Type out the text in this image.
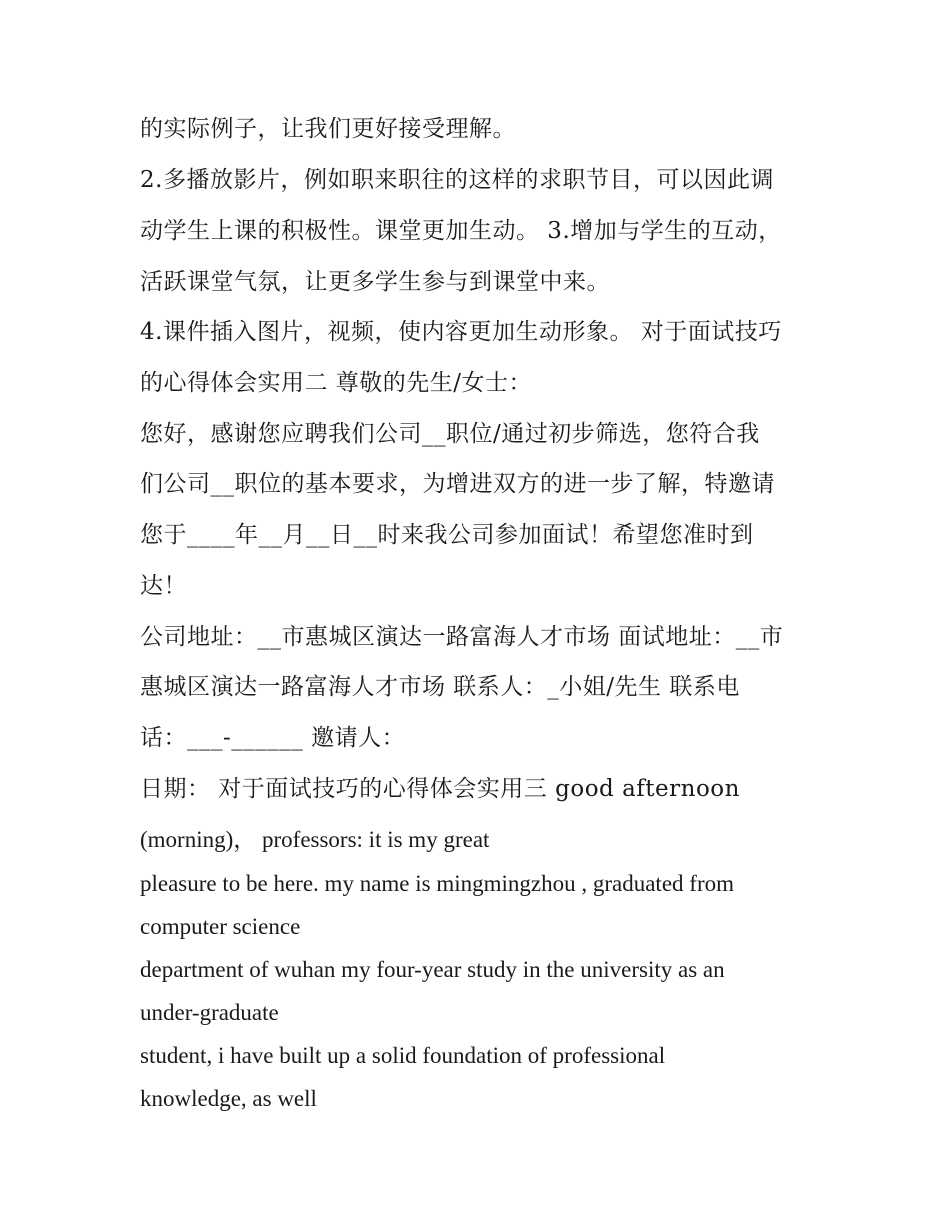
的实际例子，让我们更好接受理解。
2.多播放影片，例如职来职往的这样的求职节目，可以因此调
动学生上课的积极性。课堂更加生动。 3.增加与学生的互动，
活跃课堂气氛，让更多学生参与到课堂中来。
4.课件插入图片，视频，使内容更加生动形象。 对于面试技巧
的心得体会实用二 尊敬的先生/女士：
您好，感谢您应聘我们公司__职位/通过初步筛选，您符合我
们公司__职位的基本要求，为增进双方的进一步了解，特邀请
您于____年__月__日__时来我公司参加面试！希望您准时到
达！
公司地址：__市惠城区演达一路富海人才市场 面试地址：__市
惠城区演达一路富海人才市场 联系人：_小姐/先生 联系电
话：___-______ 邀请人：
日期： 对于面试技巧的心得体会实用三 good afternoon
(morning)， professors: it is my great
pleasure to be here. my name is mingmingzhou , graduated from
computer science
department of wuhan my four-year study in the university as an
under-graduate
student, i have built up a solid foundation of professional
knowledge, as well
